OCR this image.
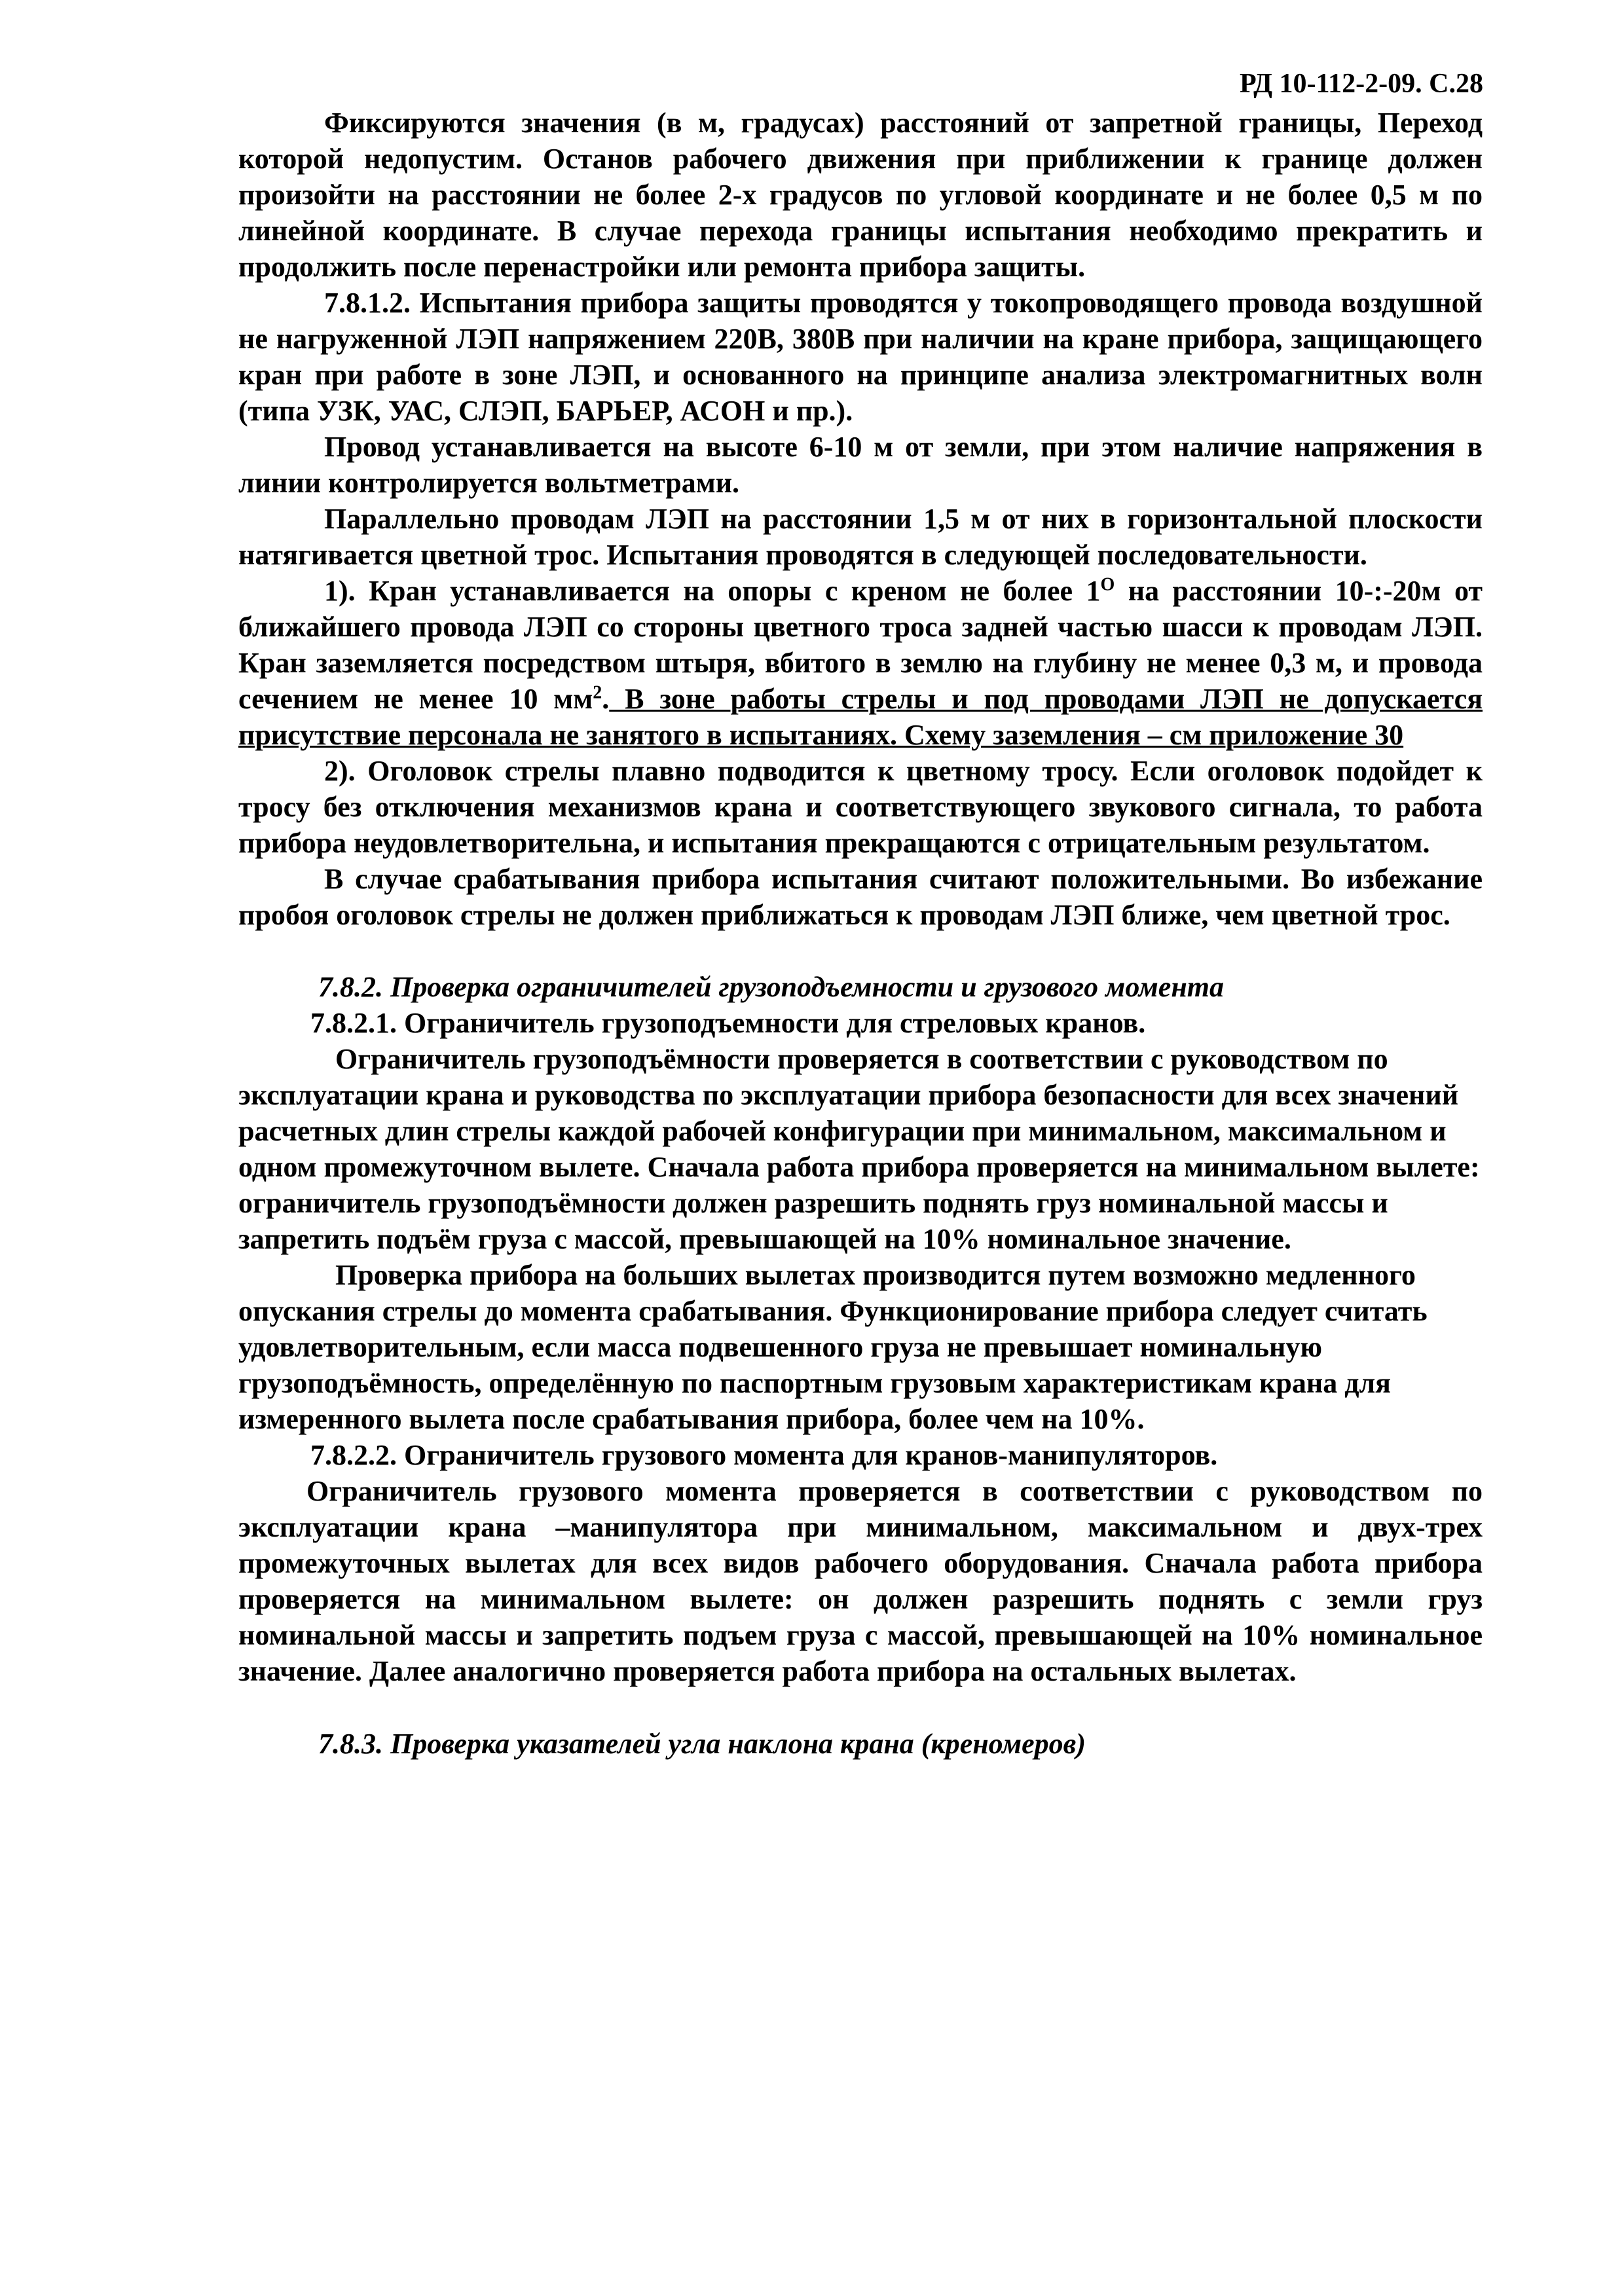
РД 10-112-2-09. С.28

Фиксируются значения (в м, градусах) расстояний от запретной границы, Переход которой недопустим. Останов рабочего движения при приближении к границе должен произойти на расстоянии не более 2-х градусов по угловой координате и не более 0,5 м по линейной координате. В случае перехода границы испытания необходимо прекратить и продолжить после перенастройки или ремонта прибора защиты.

7.8.1.2. Испытания прибора защиты проводятся у токопроводящего провода воздушной не нагруженной ЛЭП напряжением 220В, 380В при наличии на кране прибора, защищающего кран при работе в зоне ЛЭП, и основанного на принципе анализа электромагнитных волн (типа УЗК, УАС, СЛЭП, БАРЬЕР, АСОН и пр.).

Провод устанавливается на высоте 6-10 м от земли, при этом наличие напряжения в линии контролируется вольтметрами.

Параллельно проводам ЛЭП на расстоянии 1,5 м от них в горизонтальной плоскости натягивается цветной трос. Испытания проводятся в следующей последовательности.

1). Кран устанавливается на опоры с креном не более $1^О$ на расстоянии 10-:-20м от ближайшего провода ЛЭП со стороны цветного троса задней частью шасси к проводам ЛЭП. Кран заземляется посредством штыря, вбитого в землю на глубину не менее 0,3 м, и провода сечением не менее 10 $мм^2$. В зоне работы стрелы и под проводами ЛЭП не допускается присутствие персонала не занятого в испытаниях. Схему заземления – см приложение 30

2). Оголовок стрелы плавно подводится к цветному тросу. Если оголовок подойдет к тросу без отключения механизмов крана и соответствующего звукового сигнала, то работа прибора неудовлетворительна, и испытания прекращаются с отрицательным результатом.

В случае срабатывания прибора испытания считают положительными. Во избежание пробоя оголовок стрелы не должен приближаться к проводам ЛЭП ближе, чем цветной трос.

7.8.2. Проверка ограничителей грузоподъемности и грузового момента

7.8.2.1. Ограничитель грузоподъемности для стреловых кранов.

Ограничитель грузоподъёмности проверяется в соответствии с руководством по эксплуатации крана и руководства по эксплуатации прибора безопасности для всех значений расчетных длин стрелы каждой рабочей конфигурации при минимальном, максимальном и одном промежуточном вылете. Сначала работа прибора проверяется на минимальном вылете: ограничитель грузоподъёмности должен разрешить поднять груз номинальной массы и запретить подъём груза с массой, превышающей на 10% номинальное значение.

Проверка прибора на больших вылетах производится путем возможно медленного опускания стрелы до момента срабатывания. Функционирование прибора следует считать удовлетворительным, если масса подвешенного груза не превышает номинальную грузоподъёмность, определённую по паспортным грузовым характеристикам крана для измеренного вылета после срабатывания прибора, более чем на 10%.

7.8.2.2. Ограничитель грузового момента для кранов-манипуляторов.

Ограничитель грузового момента проверяется в соответствии с руководством по эксплуатации крана –манипулятора при минимальном, максимальном и двух-трех промежуточных вылетах для всех видов рабочего оборудования. Сначала работа прибора проверяется на минимальном вылете: он должен разрешить поднять с земли груз номинальной массы и запретить подъем груза с массой, превышающей на 10% номинальное значение. Далее аналогично проверяется работа прибора на остальных вылетах.

7.8.3. Проверка указателей угла наклона крана (креномеров)
